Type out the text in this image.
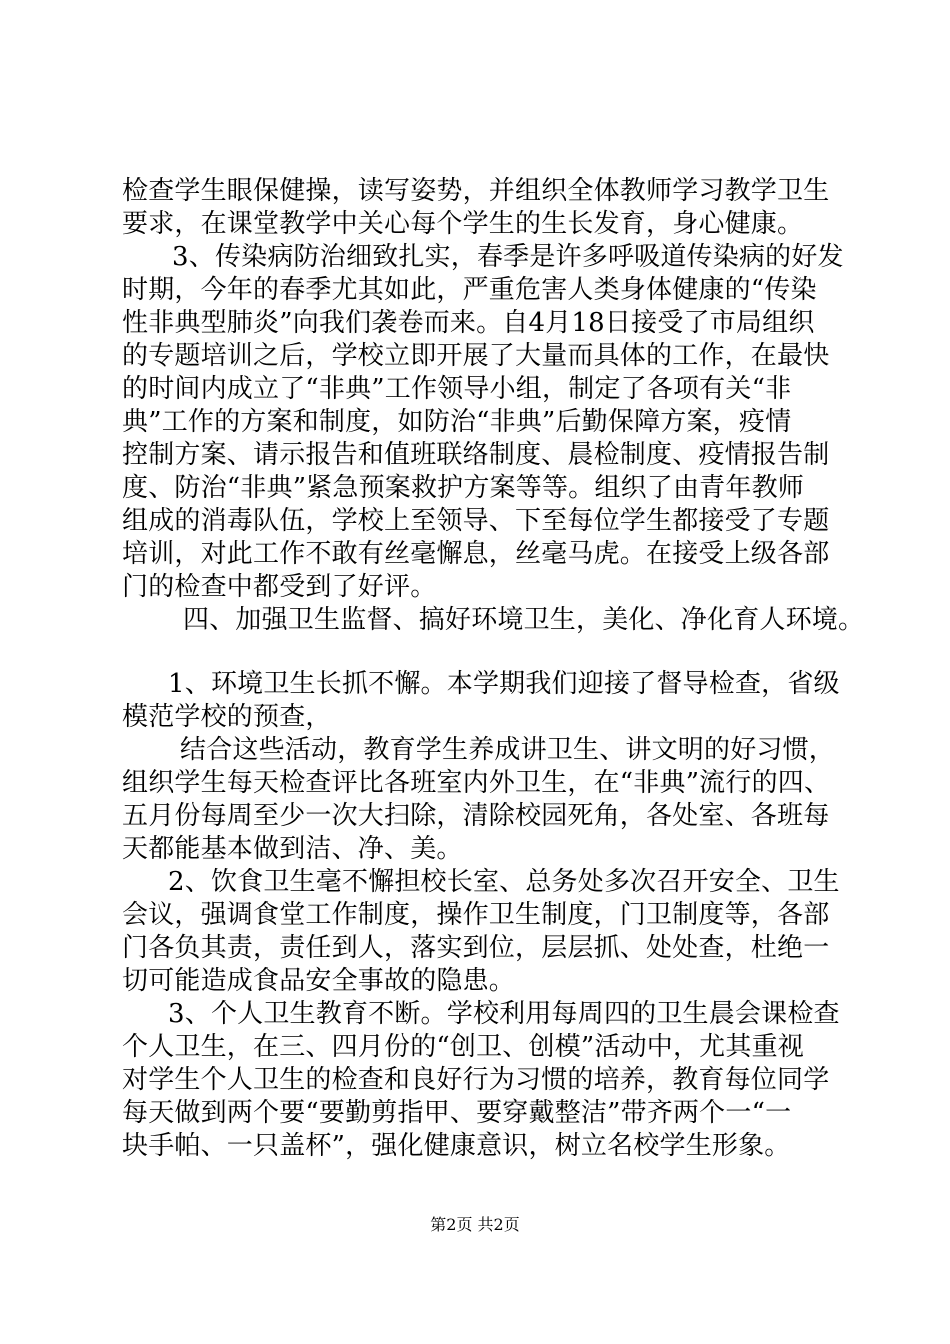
检查学生眼保健操，读写姿势，并组织全体教师学习教学卫生
要求，在课堂教学中关心每个学生的生长发育，身心健康。
3、传染病防治细致扎实，春季是许多呼吸道传染病的好发
时期，今年的春季尤其如此，严重危害人类身体健康的“传染
性非典型肺炎”向我们袭卷而来。自4月18日接受了市局组织
的专题培训之后，学校立即开展了大量而具体的工作，在最快
的时间内成立了“非典”工作领导小组，制定了各项有关“非
典”工作的方案和制度，如防治“非典”后勤保障方案，疫情
控制方案、请示报告和值班联络制度、晨检制度、疫情报告制
度、防治“非典”紧急预案救护方案等等。组织了由青年教师
组成的消毒队伍，学校上至领导、下至每位学生都接受了专题
培训，对此工作不敢有丝毫懈息，丝毫马虎。在接受上级各部
门的检查中都受到了好评。
四、加强卫生监督、搞好环境卫生，美化、净化育人环境。
1、环境卫生长抓不懈。本学期我们迎接了督导检查，省级
模范学校的预查，
结合这些活动，教育学生养成讲卫生、讲文明的好习惯，
组织学生每天检查评比各班室内外卫生，在“非典”流行的四、
五月份每周至少一次大扫除，清除校园死角，各处室、各班每
天都能基本做到洁、净、美。
2、饮食卫生毫不懈担校长室、总务处多次召开安全、卫生
会议，强调食堂工作制度，操作卫生制度，门卫制度等，各部
门各负其责，责任到人，落实到位，层层抓、处处查，杜绝一
切可能造成食品安全事故的隐患。
3、个人卫生教育不断。学校利用每周四的卫生晨会课检查
个人卫生，在三、四月份的“创卫、创模”活动中，尤其重视
对学生个人卫生的检查和良好行为习惯的培养，教育每位同学
每天做到两个要“要勤剪指甲、要穿戴整洁”带齐两个一“一
块手帕、一只盖杯”，强化健康意识，树立名校学生形象。
第2页 共2页
